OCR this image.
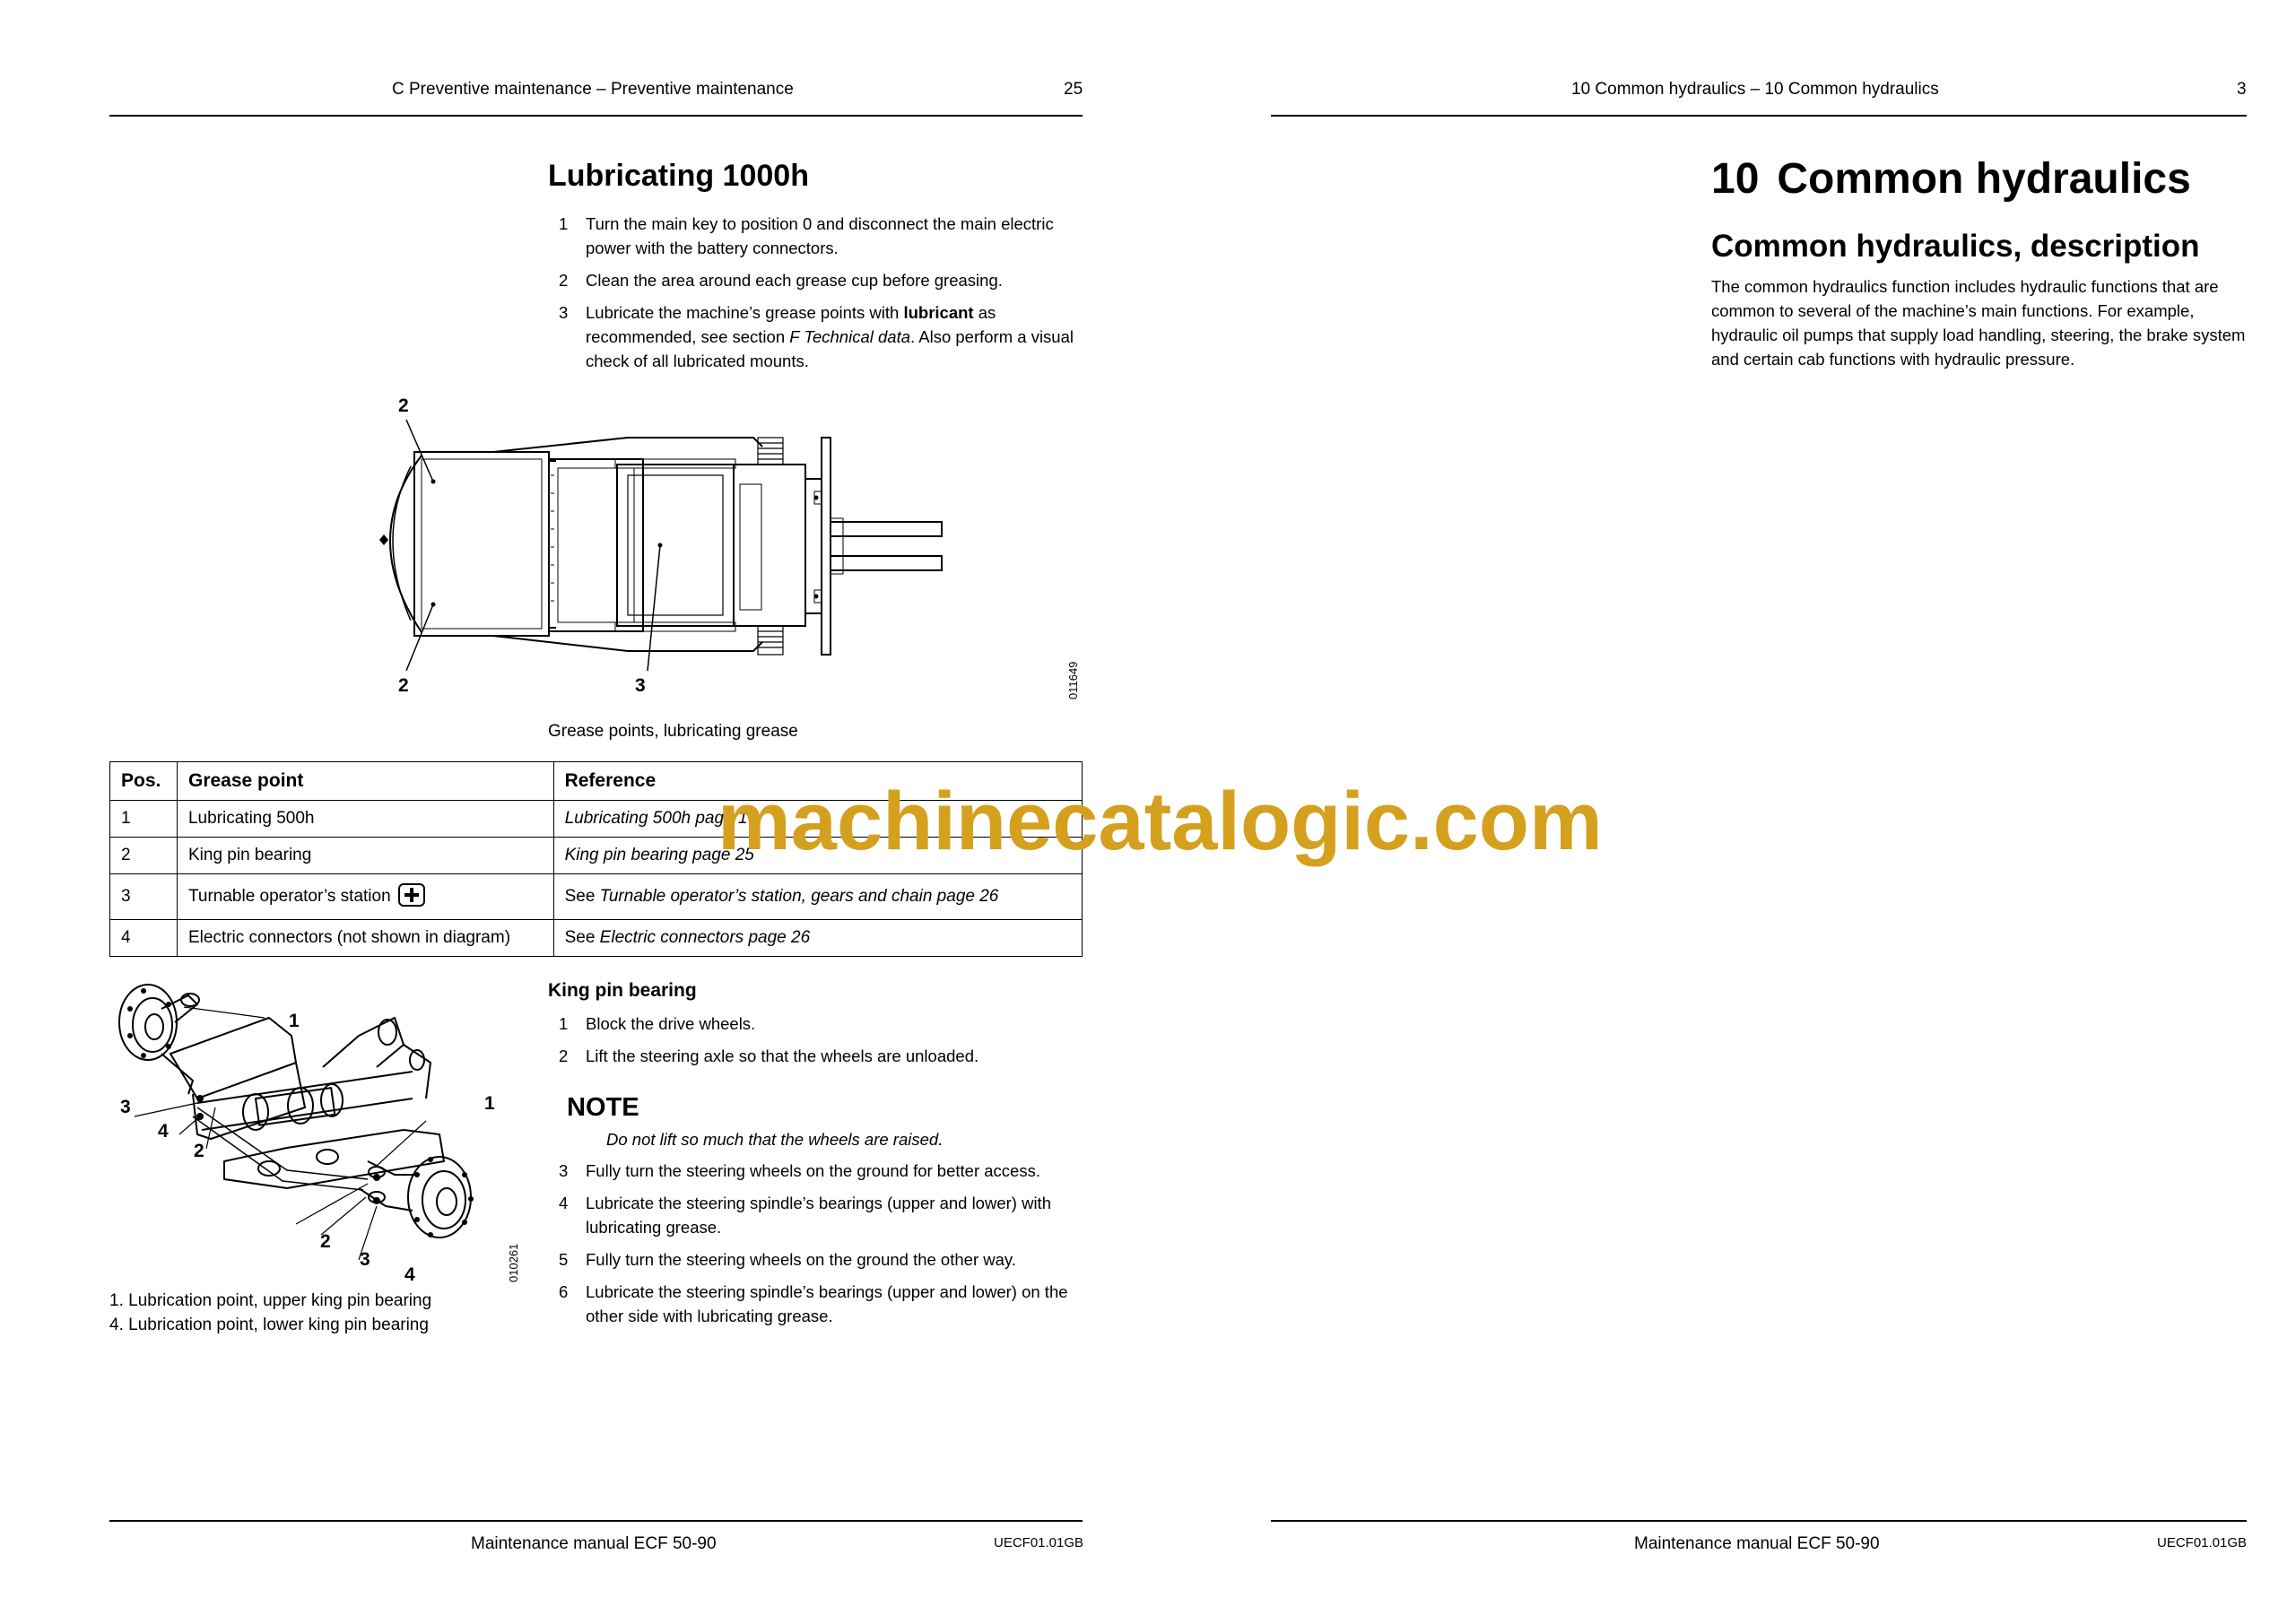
C Preventive maintenance – Preventive maintenance	25
Lubricating 1000h
1 Turn the main key to position 0 and disconnect the main electric power with the battery connectors.
2 Clean the area around each grease cup before greasing.
3 Lubricate the machine’s grease points with lubricant as recommended, see section F Technical data. Also perform a visual check of all lubricated mounts.
2
2	3	011649
Grease points, lubricating grease
Pos.	Grease point	Reference
1	Lubricating 500h	Lubricating 500h page 1
2	King pin bearing	King pin bearing page 25
3	Turnable operator’s station	See Turnable operator’s station, gears and chain page 26
4	Electric connectors (not shown in diagram)	See Electric connectors page 26
1
1
2
2
3
3
4
4	010261
1. Lubrication point, upper king pin bearing
4. Lubrication point, lower king pin bearing
King pin bearing
1 Block the drive wheels.
2 Lift the steering axle so that the wheels are unloaded.
NOTE
Do not lift so much that the wheels are raised.
3 Fully turn the steering wheels on the ground for better access.
4 Lubricate the steering spindle’s bearings (upper and lower) with lubricating grease.
5 Fully turn the steering wheels on the ground the other way.
6 Lubricate the steering spindle’s bearings (upper and lower) on the other side with lubricating grease.
Maintenance manual ECF 50-90	UECF01.01GB
10 Common hydraulics – 10 Common hydraulics	3
10 Common hydraulics
Common hydraulics, description
The common hydraulics function includes hydraulic functions that are common to several of the machine’s main functions. For example, hydraulic oil pumps that supply load handling, steering, the brake system and certain cab functions with hydraulic pressure.
Maintenance manual ECF 50-90	UECF01.01GB
machinecatalogic.com
